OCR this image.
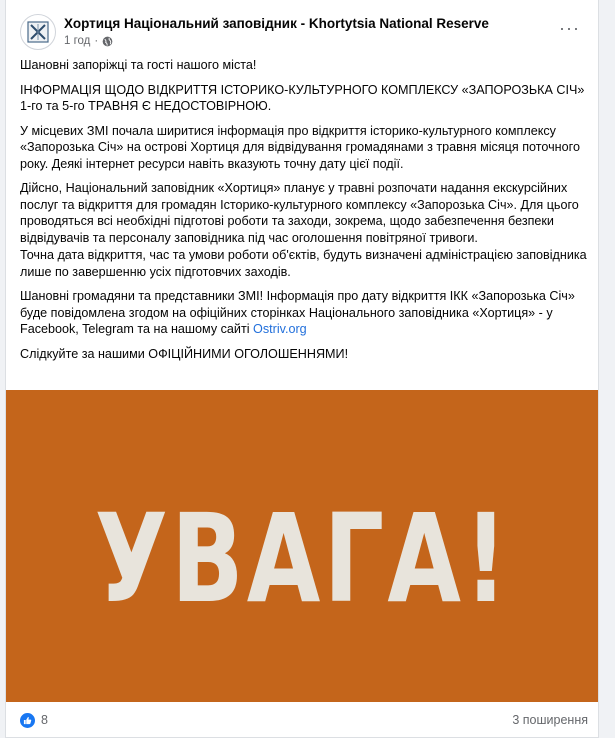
Хортиця Національний заповідник - Khortytsia National Reserve
1 год ·
···

Шановні запоріжці та гості нашого міста!

ІНФОРМАЦІЯ ЩОДО ВІДКРИТТЯ ІСТОРИКО-КУЛЬТУРНОГО КОМПЛЕКСУ «ЗАПОРОЗЬКА СІЧ» 1-го та 5-го ТРАВНЯ Є НЕДОСТОВІРНОЮ.

У місцевих ЗМІ почала ширитися інформація про відкриття історико-культурного комплексу «Запорозька Січ» на острові Хортиця для відвідування громадянами з травня місяця поточного року. Деякі інтернет ресурси навіть вказують точну дату цієї події.

Дійсно, Національний заповідник «Хортиця» планує у травні розпочати надання екскурсійних послуг та відкриття для громадян Історико-культурного комплексу «Запорозька Січ». Для цього проводяться всі необхідні підготові роботи та заходи, зокрема, щодо забезпечення безпеки відвідувачів та персоналу заповідника під час оголошення повітряної тривоги.

Точна дата відкриття, час та умови роботи об'єктів, будуть визначені адміністрацією заповідника лише по завершенню усіх підготовчих заходів.

Шановні громадяни та представники ЗМІ! Інформація про дату відкриття ІКК «Запорозька Січ» буде повідомлена згодом на офіційних сторінках Національного заповідника «Хортиця» - у Facebook, Telegram та на нашому сайті Ostriv.org

Слідкуйте за нашими ОФІЦІЙНИМИ ОГОЛОШЕННЯМИ!

УВАГА!
8	3 поширення
